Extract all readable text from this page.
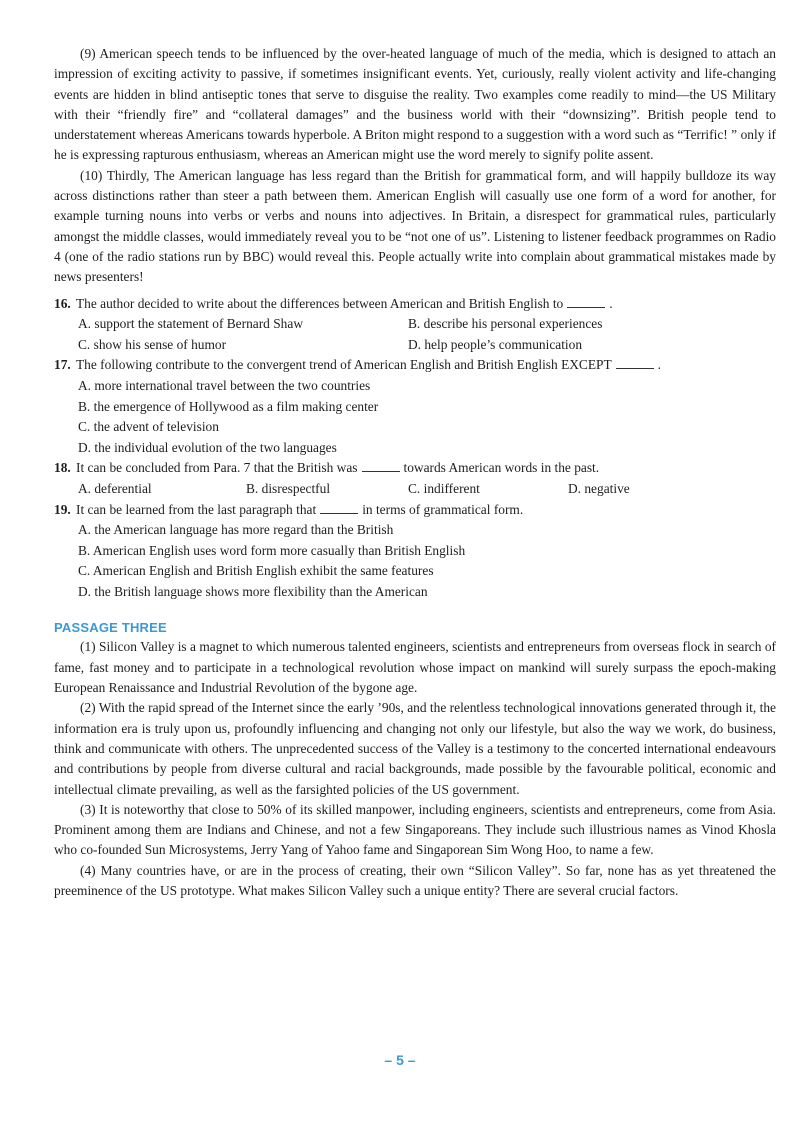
(9) American speech tends to be influenced by the over-heated language of much of the media, which is designed to attach an impression of exciting activity to passive, if sometimes insignificant events. Yet, curiously, really violent activity and life-changing events are hidden in blind antiseptic tones that serve to disguise the reality. Two examples come readily to mind—the US Military with their “friendly fire” and “collateral damages” and the business world with their “downsizing”. British people tend to understatement whereas Americans towards hyperbole. A Briton might respond to a suggestion with a word such as “Terrific! ” only if he is expressing rapturous enthusiasm, whereas an American might use the word merely to signify polite assent.

(10) Thirdly, The American language has less regard than the British for grammatical form, and will happily bulldoze its way across distinctions rather than steer a path between them. American English will casually use one form of a word for another, for example turning nouns into verbs or verbs and nouns into adjectives. In Britain, a disrespect for grammatical rules, particularly amongst the middle classes, would immediately reveal you to be “not one of us”. Listening to listener feedback programmes on Radio 4 (one of the radio stations run by BBC) would reveal this. People actually write into complain about grammatical mistakes made by news presenters!

16. The author decided to write about the differences between American and British English to	.
A. support the statement of Bernard Shaw	B. describe his personal experiences
C. show his sense of humor	D. help people’s communication
17. The following contribute to the convergent trend of American English and British English EXCEPT	.
A. more international travel between the two countries
B. the emergence of Hollywood as a film making center
C. the advent of television
D. the individual evolution of the two languages
18. It can be concluded from Para. 7 that the British was	towards American words in the past.
A. deferential	B. disrespectful	C. indifferent	D. negative
19. It can be learned from the last paragraph that	in terms of grammatical form.
A. the American language has more regard than the British
B. American English uses word form more casually than British English
C. American English and British English exhibit the same features
D. the British language shows more flexibility than the American
PASSAGE THREE

(1) Silicon Valley is a magnet to which numerous talented engineers, scientists and entrepreneurs from overseas flock in search of fame, fast money and to participate in a technological revolution whose impact on mankind will surely surpass the epoch-making European Renaissance and Industrial Revolution of the bygone age.

(2) With the rapid spread of the Internet since the early ’90s, and the relentless technological innovations generated through it, the information era is truly upon us, profoundly influencing and changing not only our lifestyle, but also the way we work, do business, think and communicate with others. The unprecedented success of the Valley is a testimony to the concerted international endeavours and contributions by people from diverse cultural and racial backgrounds, made possible by the favourable political, economic and intellectual climate prevailing, as well as the farsighted policies of the US government.

(3) It is noteworthy that close to 50% of its skilled manpower, including engineers, scientists and entrepreneurs, come from Asia. Prominent among them are Indians and Chinese, and not a few Singaporeans. They include such illustrious names as Vinod Khosla who co-founded Sun Microsystems, Jerry Yang of Yahoo fame and Singaporean Sim Wong Hoo, to name a few.

(4) Many countries have, or are in the process of creating, their own “Silicon Valley”. So far, none has as yet threatened the preeminence of the US prototype. What makes Silicon Valley such a unique entity? There are several crucial factors.

– 5 –
